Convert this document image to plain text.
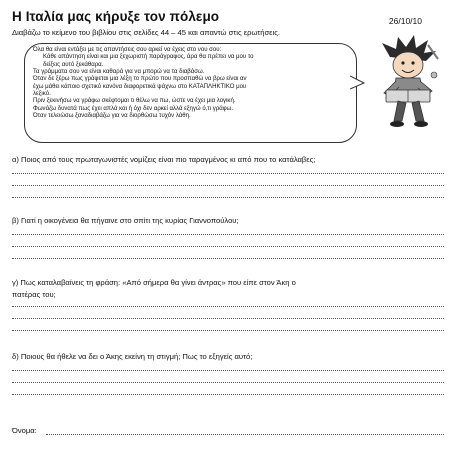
Η Ιταλία μας κήρυξε τον πόλεμο	26/10/10
Διαβάζω το κείμενο του βιβλίου στις σελίδες 44 – 45 και απαντώ στις ερωτήσεις.

Όλα θα είναι εντάξει με τις απαντήσεις σου αρκεί να έχεις στο νου σου:

Κάθε απάντηση είναι και μια ξεχωριστή παράγραφος, άρα θα πρέπει να μου το

δείξεις αυτό ξεκάθαρα.

Τα γράμματα σου να είναι καθαρά για να μπορώ να τα διαβάσω.

Όταν δε ξέρω πως γράφεται μια λέξη το πρώτο που προσπαθώ να βρω είναι αν

έχω μάθει κάποιο σχετικό κανόνα διαφορετικά ψάχνω στο ΚΑΤΑΠΛΗΚΤΙΚΟ μου

λεξικό.

Πριν ξεκινήσω να γράφω σκέφτομαι τι θέλω να πω, ώστε να έχει μια λογική.

Φωνάζω δυνατά πως έχει απλά και ή όχι δεν αρκεί αλλά εξηγώ ό,τι γράφω.

Όταν τελειώσω ξαναδιαβάζω για να διορθώσω τυχόν λάθη.

α) Ποιος από τους πρωταγωνιστές νομίζεις είναι πιο ταραγμένος κι από που το κατάλαβες;
β) Γιατί η οικογένεια θα πήγαινε στο σπίτι της κυρίας Γιαννοπούλου;
γ) Πως καταλαβαίνεις τη φράση: «Από σήμερα θα γίνει άντρας» που είπε στον Άκη ο
πατέρας του;
δ) Ποιους θα ήθελε να δει ο Άκης εκείνη τη στιγμή; Πως το εξηγείς αυτό;
Όνομα:
